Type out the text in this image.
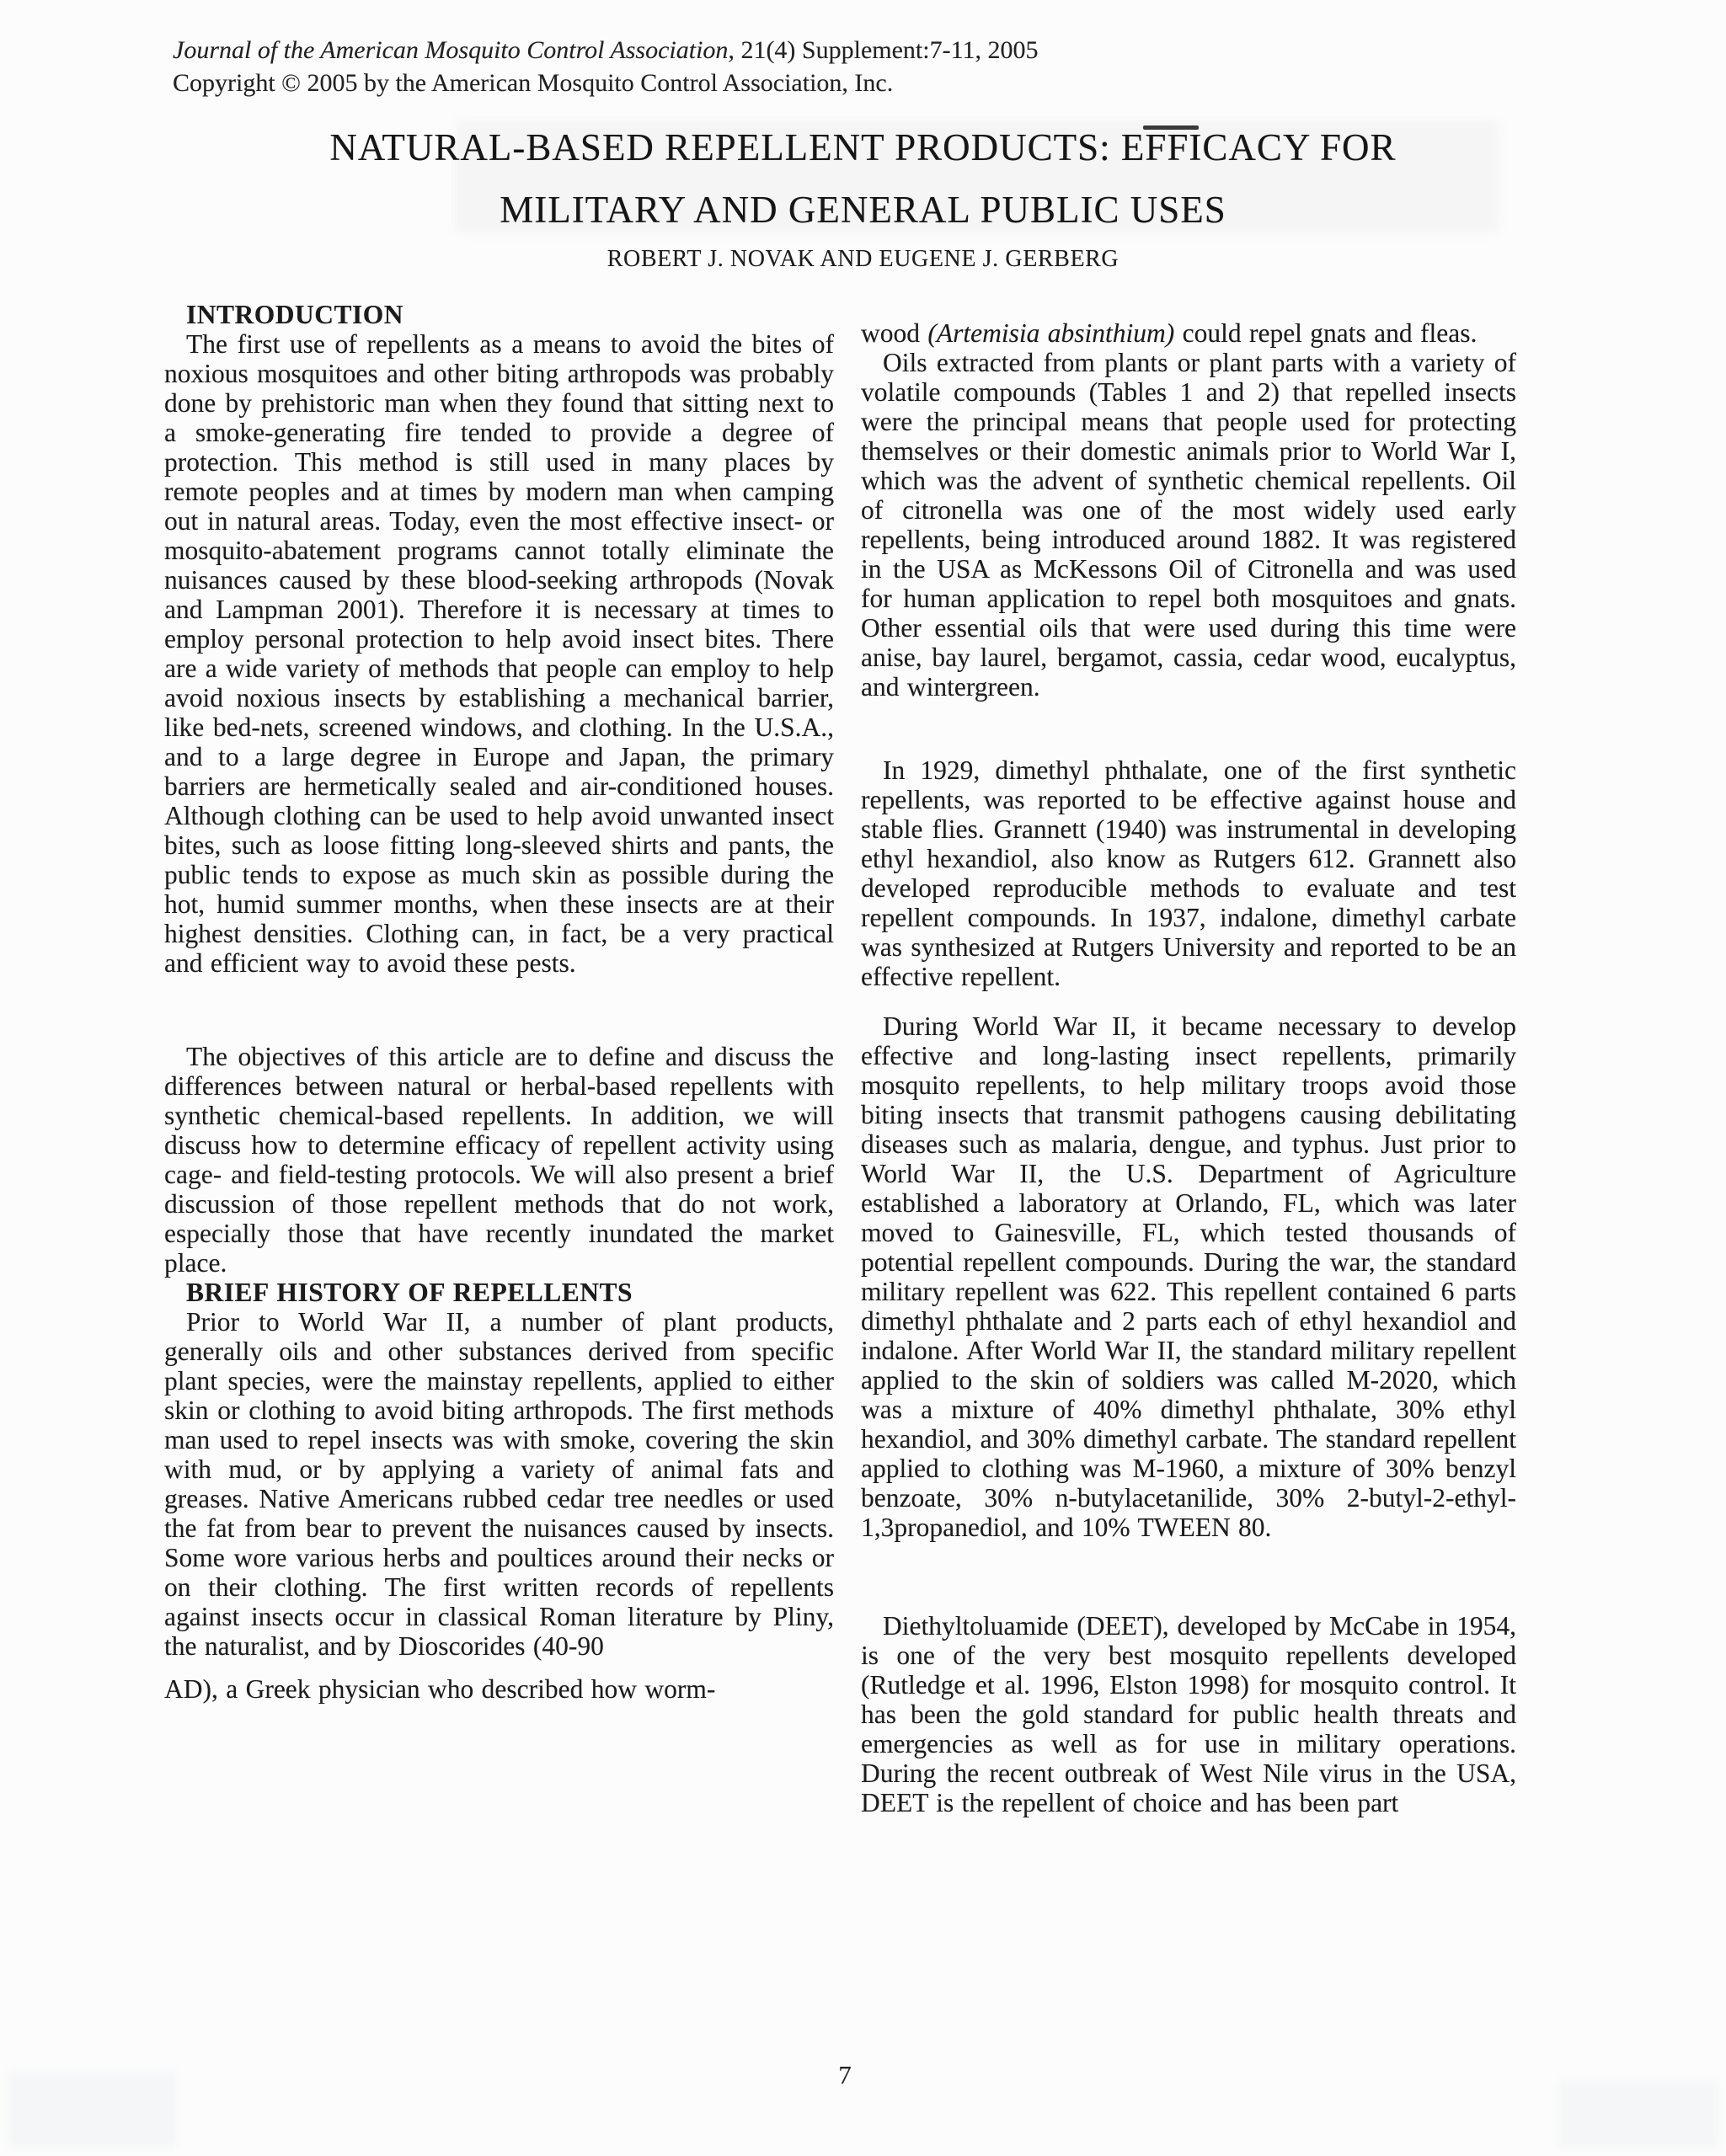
Journal of the American Mosquito Control Association, 21(4) Supplement:7-11, 2005
Copyright © 2005 by the American Mosquito Control Association, Inc.
NATURAL-BASED REPELLENT PRODUCTS: EFFICACY FOR
MILITARY AND GENERAL PUBLIC USES
ROBERT J. NOVAK AND EUGENE J. GERBERG

INTRODUCTION

The first use of repellents as a means to avoid the bites of noxious mosquitoes and other biting arthropods was probably done by prehistoric man when they found that sitting next to a smoke-generating fire tended to provide a degree of protection. This method is still used in many places by remote peoples and at times by modern man when camping out in natural areas. Today, even the most effective insect- or mosquito-abatement programs cannot totally eliminate the nuisances caused by these blood-seeking arthropods (Novak and Lampman 2001). Therefore it is necessary at times to employ personal protection to help avoid insect bites. There are a wide variety of methods that people can employ to help avoid noxious insects by establishing a mechanical barrier, like bed-nets, screened windows, and clothing. In the U.S.A., and to a large degree in Europe and Japan, the primary barriers are hermetically sealed and air-conditioned houses. Although clothing can be used to help avoid unwanted insect bites, such as loose fitting long-sleeved shirts and pants, the public tends to expose as much skin as possible during the hot, humid summer months, when these insects are at their highest densities. Clothing can, in fact, be a very practical and efficient way to avoid these pests.

The objectives of this article are to define and discuss the differences between natural or herbal-based repellents with synthetic chemical-based repellents. In addition, we will discuss how to determine efficacy of repellent activity using cage- and field-testing protocols. We will also present a brief discussion of those repellent methods that do not work, especially those that have recently inundated the market place.

BRIEF HISTORY OF REPELLENTS

Prior to World War II, a number of plant products, generally oils and other substances derived from specific plant species, were the mainstay repellents, applied to either skin or clothing to avoid biting arthropods. The first methods man used to repel insects was with smoke, covering the skin with mud, or by applying a variety of animal fats and greases. Native Americans rubbed cedar tree needles or used the fat from bear to prevent the nuisances caused by insects. Some wore various herbs and poultices around their necks or on their clothing. The first written records of repellents against insects occur in classical Roman literature by Pliny, the naturalist, and by Dioscorides (40-90

AD), a Greek physician who described how worm-

wood (Artemisia absinthium) could repel gnats and fleas.

Oils extracted from plants or plant parts with a variety of volatile compounds (Tables 1 and 2) that repelled insects were the principal means that people used for protecting themselves or their domestic animals prior to World War I, which was the advent of synthetic chemical repellents. Oil of citronella was one of the most widely used early repellents, being introduced around 1882. It was registered in the USA as McKessons Oil of Citronella and was used for human application to repel both mosquitoes and gnats. Other essential oils that were used during this time were anise, bay laurel, bergamot, cassia, cedar wood, eucalyptus, and wintergreen.

In 1929, dimethyl phthalate, one of the first synthetic repellents, was reported to be effective against house and stable flies. Grannett (1940) was instrumental in developing ethyl hexandiol, also know as Rutgers 612. Grannett also developed reproducible methods to evaluate and test repellent compounds. In 1937, indalone, dimethyl carbate was synthesized at Rutgers University and reported to be an effective repellent.

During World War II, it became necessary to develop effective and long-lasting insect repellents, primarily mosquito repellents, to help military troops avoid those biting insects that transmit pathogens causing debilitating diseases such as malaria, dengue, and typhus. Just prior to World War II, the U.S. Department of Agriculture established a laboratory at Orlando, FL, which was later moved to Gainesville, FL, which tested thousands of potential repellent compounds. During the war, the standard military repellent was 622. This repellent contained 6 parts dimethyl phthalate and 2 parts each of ethyl hexandiol and indalone. After World War II, the standard military repellent applied to the skin of soldiers was called M-2020, which was a mixture of 40% dimethyl phthalate, 30% ethyl hexandiol, and 30% dimethyl carbate. The standard repellent applied to clothing was M-1960, a mixture of 30% benzyl benzoate, 30% n-butylacetanilide, 30% 2-butyl-2-ethyl-1,3propanediol, and 10% TWEEN 80.

Diethyltoluamide (DEET), developed by McCabe in 1954, is one of the very best mosquito repellents developed (Rutledge et al. 1996, Elston 1998) for mosquito control. It has been the gold standard for public health threats and emergencies as well as for use in military operations. During the recent outbreak of West Nile virus in the USA, DEET is the repellent of choice and has been part

7
